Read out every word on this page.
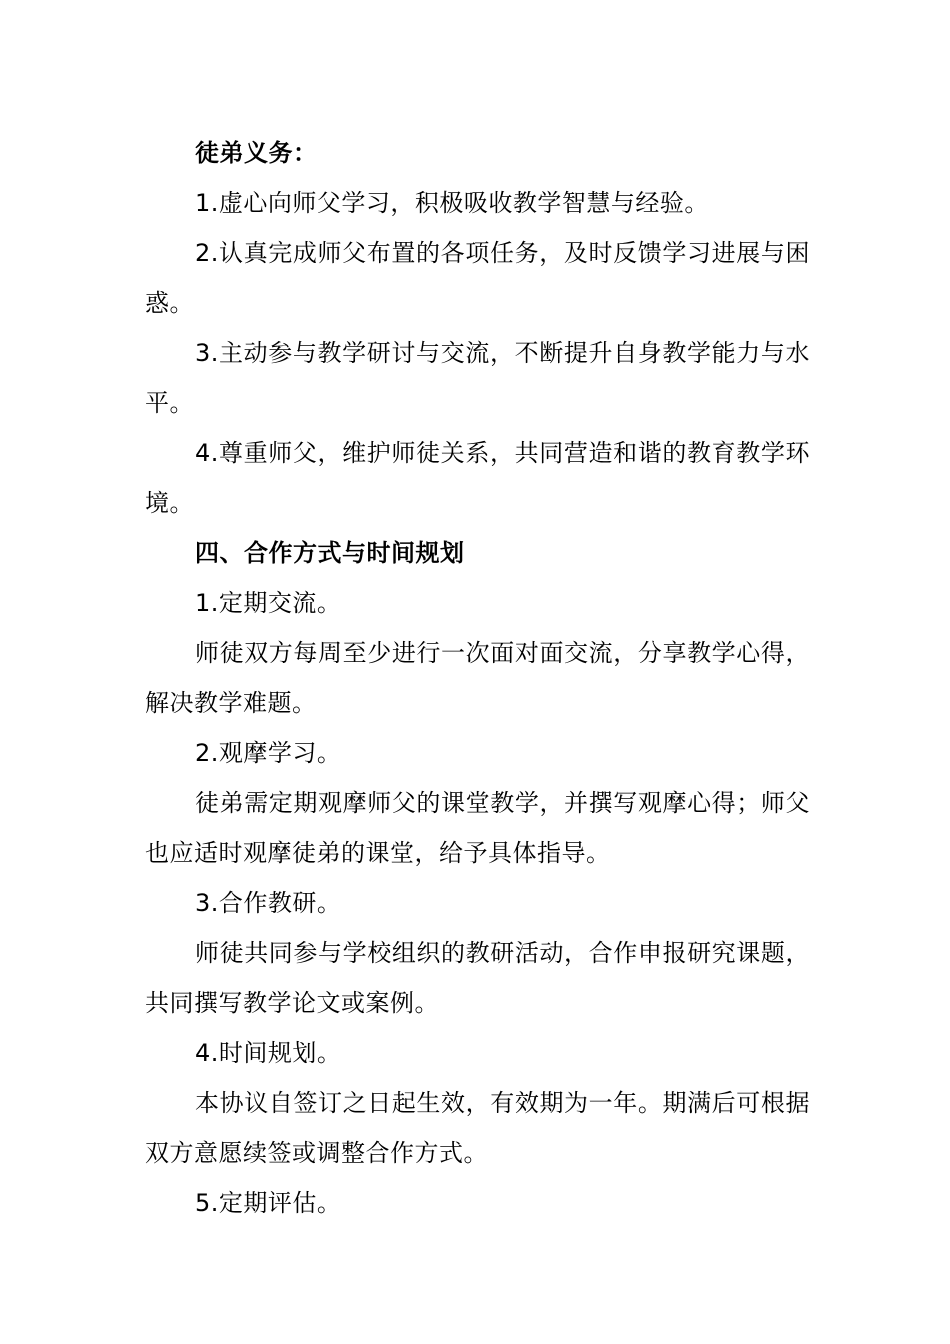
徒弟义务：

1.虚心向师父学习，积极吸收教学智慧与经验。

2.认真完成师父布置的各项任务，及时反馈学习进展与困惑。

3.主动参与教学研讨与交流，不断提升自身教学能力与水平。

4.尊重师父，维护师徒关系，共同营造和谐的教育教学环境。

四、合作方式与时间规划

1.定期交流。

师徒双方每周至少进行一次面对面交流，分享教学心得，解决教学难题。

2.观摩学习。

徒弟需定期观摩师父的课堂教学，并撰写观摩心得；师父也应适时观摩徒弟的课堂，给予具体指导。

3.合作教研。

师徒共同参与学校组织的教研活动，合作申报研究课题，共同撰写教学论文或案例。

4.时间规划。

本协议自签订之日起生效，有效期为一年。期满后可根据双方意愿续签或调整合作方式。

5.定期评估。
